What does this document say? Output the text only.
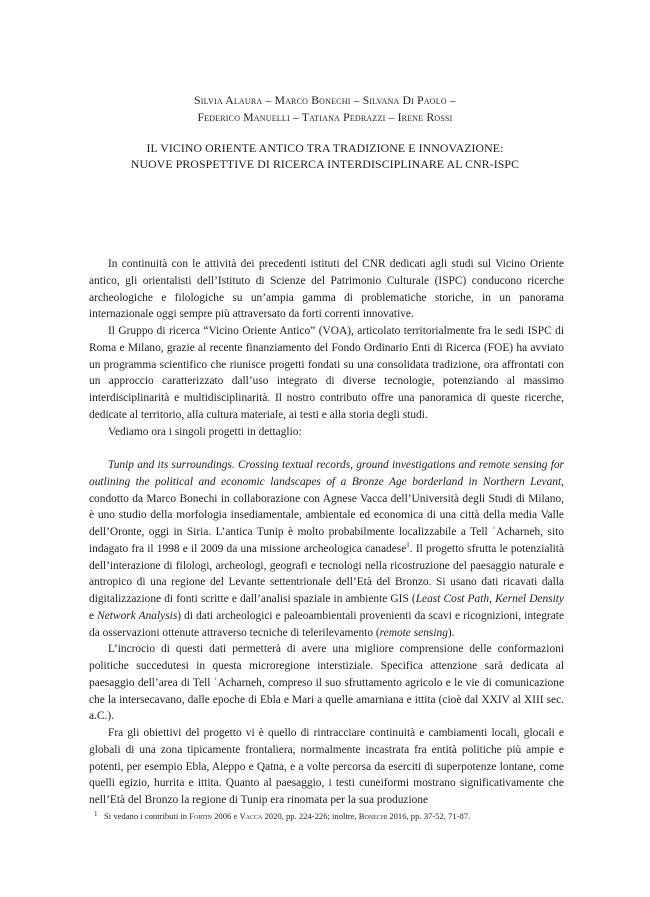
Silvia Alaura – Marco Bonechi – Silvana Di Paolo –
Federico Manuelli – Tatiana Pedrazzi – Irene Rossi
IL VICINO ORIENTE ANTICO TRA TRADIZIONE E INNOVAZIONE:
NUOVE PROSPETTIVE DI RICERCA INTERDISCIPLINARE AL CNR-ISPC

In continuità con le attività dei precedenti istituti del CNR dedicati agli studi sul Vicino Oriente antico, gli orientalisti dell’Istituto di Scienze del Patrimonio Culturale (ISPC) conducono ricerche archeologiche e filologiche su un’ampia gamma di problematiche storiche, in un panorama internazionale oggi sempre più attraversato da forti correnti innovative.

Il Gruppo di ricerca “Vicino Oriente Antico” (VOA), articolato territorialmente fra le sedi ISPC di Roma e Milano, grazie al recente finanziamento del Fondo Ordinario Enti di Ricerca (FOE) ha avviato un programma scientifico che riunisce progetti fondati su una consolidata tradizione, ora affrontati con un approccio caratterizzato dall’uso integrato di diverse tecnologie, potenziando al massimo interdisciplinarità e multidisciplinarità. Il nostro contributo offre una panoramica di queste ricerche, dedicate al territorio, alla cultura materiale, ai testi e alla storia degli studi.

Vediamo ora i singoli progetti in dettaglio:

Tunip and its surroundings. Crossing textual records, ground investigations and remote sensing for outlining the political and economic landscapes of a Bronze Age borderland in Northern Levant, condotto da Marco Bonechi in collaborazione con Agnese Vacca dell’Università degli Studi di Milano, è uno studio della morfologia insediamentale, ambientale ed economica di una città della media Valle dell’Oronte, oggi in Siria. L’antica Tunip è molto probabilmente localizzabile a Tell ʿAcharneh, sito indagato fra il 1998 e il 2009 da una missione archeologica canadese$^1$. Il progetto sfrutta le potenzialità dell’interazione di filologi, archeologi, geografi e tecnologi nella ricostruzione del paesaggio naturale e antropico di una regione del Levante settentrionale dell’Età del Bronzo. Si usano dati ricavati dalla digitalizzazione di fonti scritte e dall’analisi spaziale in ambiente GIS (Least Cost Path, Kernel Density e Network Analysis) di dati archeologici e paleoambientali provenienti da scavi e ricognizioni, integrate da osservazioni ottenute attraverso tecniche di telerilevamento (remote sensing).

L’incrocio di questi dati permetterà di avere una migliore comprensione delle conformazioni politiche succedutesi in questa microregione interstiziale. Specifica attenzione sarà dedicata al paesaggio dell’area di Tell ʿAcharneh, compreso il suo sfruttamento agricolo e le vie di comunicazione che la intersecavano, dalle epoche di Ebla e Mari a quelle amarniana e ittita (cioè dal XXIV al XIII sec. a.C.).

Fra gli obiettivi del progetto vi è quello di rintracciare continuità e cambiamenti locali, glocali e globali di una zona tipicamente frontaliera, normalmente incastrata fra entità politiche più ampie e potenti, per esempio Ebla, Aleppo e Qatna, e a volte percorsa da eserciti di superpotenze lontane, come quelli egizio, hurrita e ittita. Quanto al paesaggio, i testi cuneiformi mostrano significativamente che nell’Età del Bronzo la regione di Tunip era rinomata per la sua produzione

1 Si vedano i contributi in Fortin 2006 e Vacca 2020, pp. 224-226; inoltre, Bonechi 2016, pp. 37-52, 71-87.
